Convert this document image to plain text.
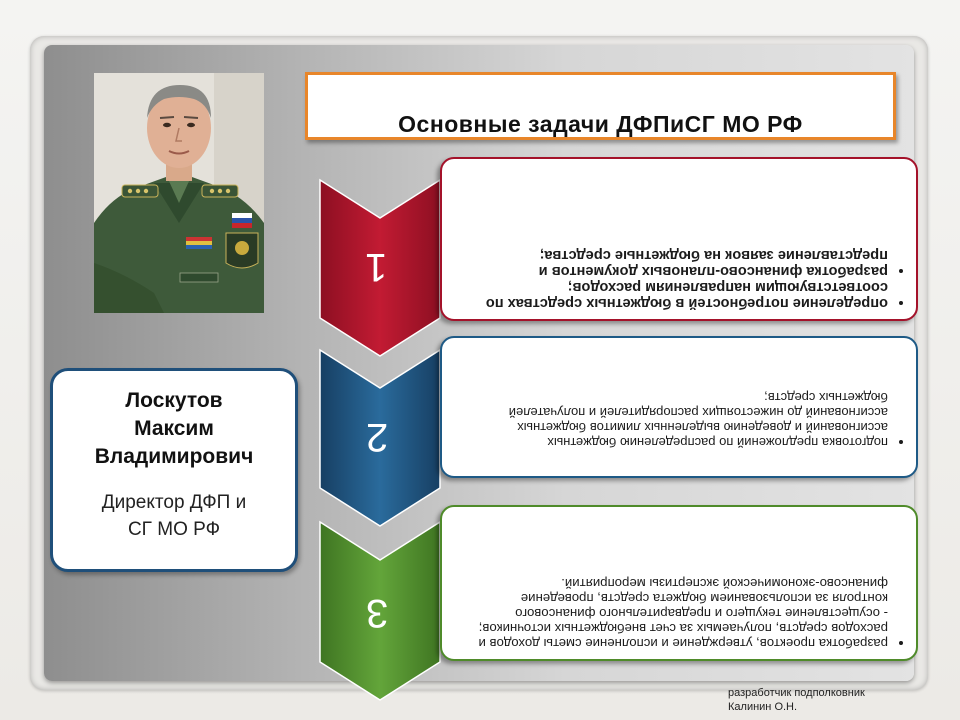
Основные задачи ДФПиСГ МО РФ
Лоскутов
Максим
Владимирович
Директор ДФП и
СГ МО РФ
1
2
3
• определение потребностей в бюджетных средствах по соответствующим направлениям расходов;
• разработка финансово-плановых документов и представление заявок на бюджетные средства;
• подготовка предложений по распределению бюджетных ассигнований и доведению выделенных лимитов бюджетных ассигнований до нижестоящих распорядителей и получателей бюджетных средств;
• разработка проектов, утверждение и исполнение сметы доходов и расходов средств, получаемых за счет внебюджетных источников;
- осуществление текущего и предварительного финансового контроля за использованием бюджета средств, проведение финансово-экономической экспертизы мероприятий.
разработчик подполковник
Калинин О.Н.
